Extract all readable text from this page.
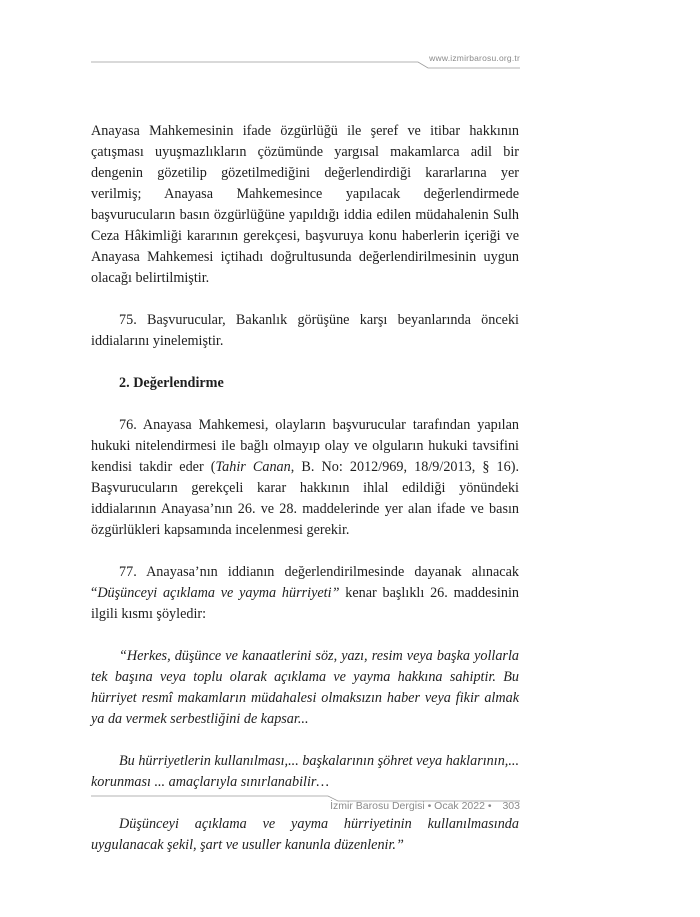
www.izmirbarosu.org.tr

Anayasa Mahkemesinin ifade özgürlüğü ile şeref ve itibar hakkının çatışması uyuşmazlıkların çözümünde yargısal makamlarca adil bir dengenin gözetilip gözetilmediğini değerlendirdiği kararlarına yer verilmiş; Anayasa Mahkemesince yapılacak değerlendirmede başvurucuların basın özgürlüğüne yapıldığı iddia edilen müdahalenin Sulh Ceza Hâkimliği kararının gerekçesi, başvuruya konu haberlerin içeriği ve Anayasa Mahkemesi içtihadı doğrultusunda değerlendirilmesinin uygun olacağı belirtilmiştir.

75. Başvurucular, Bakanlık görüşüne karşı beyanlarında önceki iddialarını yinelemiştir.

2. Değerlendirme

76. Anayasa Mahkemesi, olayların başvurucular tarafından yapılan hukuki nitelendirmesi ile bağlı olmayıp olay ve olguların hukuki tavsifini kendisi takdir eder (Tahir Canan, B. No: 2012/969, 18/9/2013, § 16). Başvurucuların gerekçeli karar hakkının ihlal edildiği yönündeki iddialarının Anayasa’nın 26. ve 28. maddelerinde yer alan ifade ve basın özgürlükleri kapsamında incelenmesi gerekir.

77. Anayasa’nın iddianın değerlendirilmesinde dayanak alınacak “Düşünceyi açıklama ve yayma hürriyeti” kenar başlıklı 26. maddesinin ilgili kısmı şöyledir:

“Herkes, düşünce ve kanaatlerini söz, yazı, resim veya başka yollarla tek başına veya toplu olarak açıklama ve yayma hakkına sahiptir. Bu hürriyet resmî makamların müdahalesi olmaksızın haber veya fikir almak ya da vermek serbestliğini de kapsar...

Bu hürriyetlerin kullanılması,... başkalarının şöhret veya haklarının,... korunması ... amaçlarıyla sınırlanabilir…

Düşünceyi açıklama ve yayma hürriyetinin kullanılmasında uygulanacak şekil, şart ve usuller kanunla düzenlenir.”

İzmir Barosu Dergisi • Ocak 2022 • 303
